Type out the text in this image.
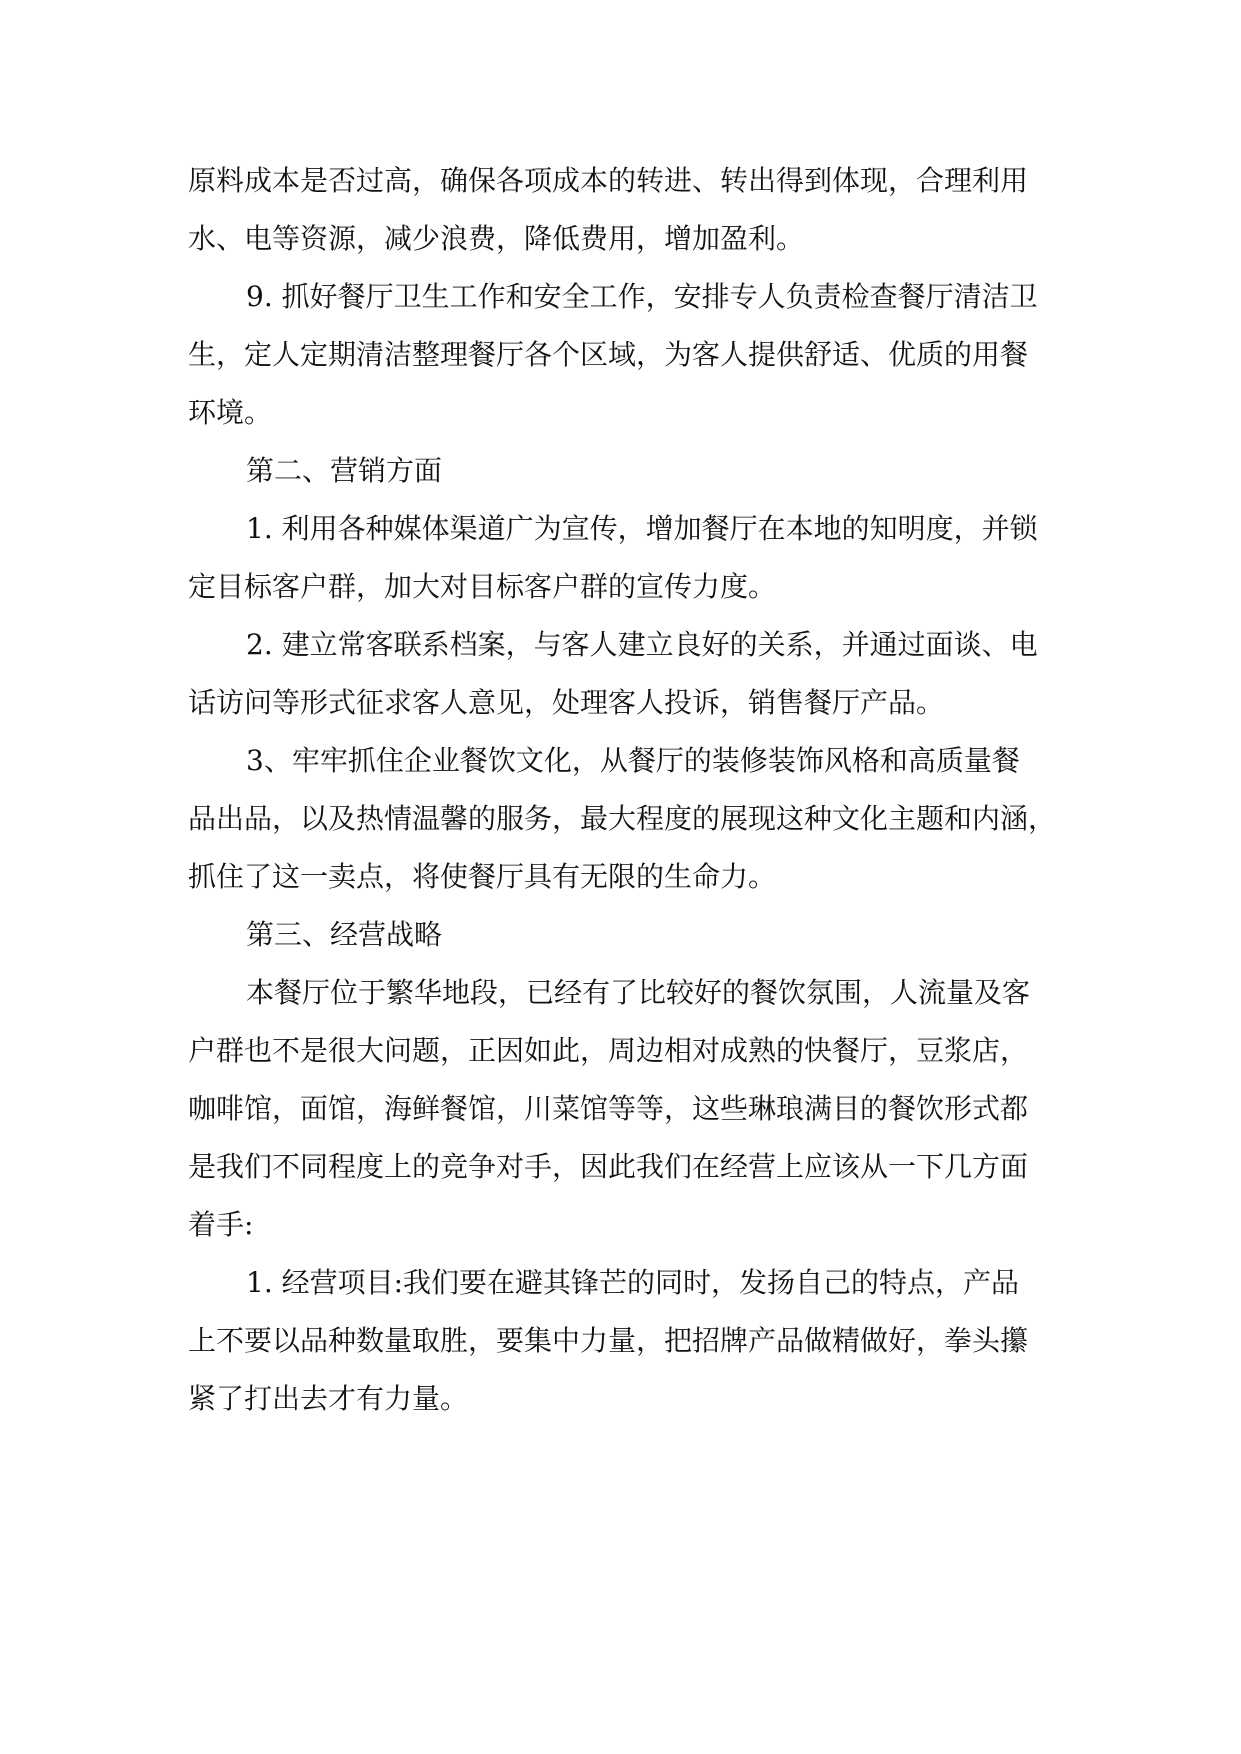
原料成本是否过高，确保各项成本的转进、转出得到体现，合理利用
水、电等资源，减少浪费，降低费用，增加盈利。

9. 抓好餐厅卫生工作和安全工作，安排专人负责检查餐厅清洁卫
生，定人定期清洁整理餐厅各个区域，为客人提供舒适、优质的用餐
环境。

第二、营销方面

1. 利用各种媒体渠道广为宣传，增加餐厅在本地的知明度，并锁
定目标客户群，加大对目标客户群的宣传力度。

2. 建立常客联系档案，与客人建立良好的关系，并通过面谈、电
话访问等形式征求客人意见，处理客人投诉，销售餐厅产品。

3、牢牢抓住企业餐饮文化，从餐厅的装修装饰风格和高质量餐
品出品，以及热情温馨的服务，最大程度的展现这种文化主题和内涵，
抓住了这一卖点，将使餐厅具有无限的生命力。

第三、经营战略

本餐厅位于繁华地段，已经有了比较好的餐饮氛围，人流量及客
户群也不是很大问题，正因如此，周边相对成熟的快餐厅，豆浆店，
咖啡馆，面馆，海鲜餐馆，川菜馆等等，这些琳琅满目的餐饮形式都
是我们不同程度上的竞争对手，因此我们在经营上应该从一下几方面
着手:

1. 经营项目:我们要在避其锋芒的同时，发扬自己的特点，产品
上不要以品种数量取胜，要集中力量，把招牌产品做精做好，拳头攥
紧了打出去才有力量。
